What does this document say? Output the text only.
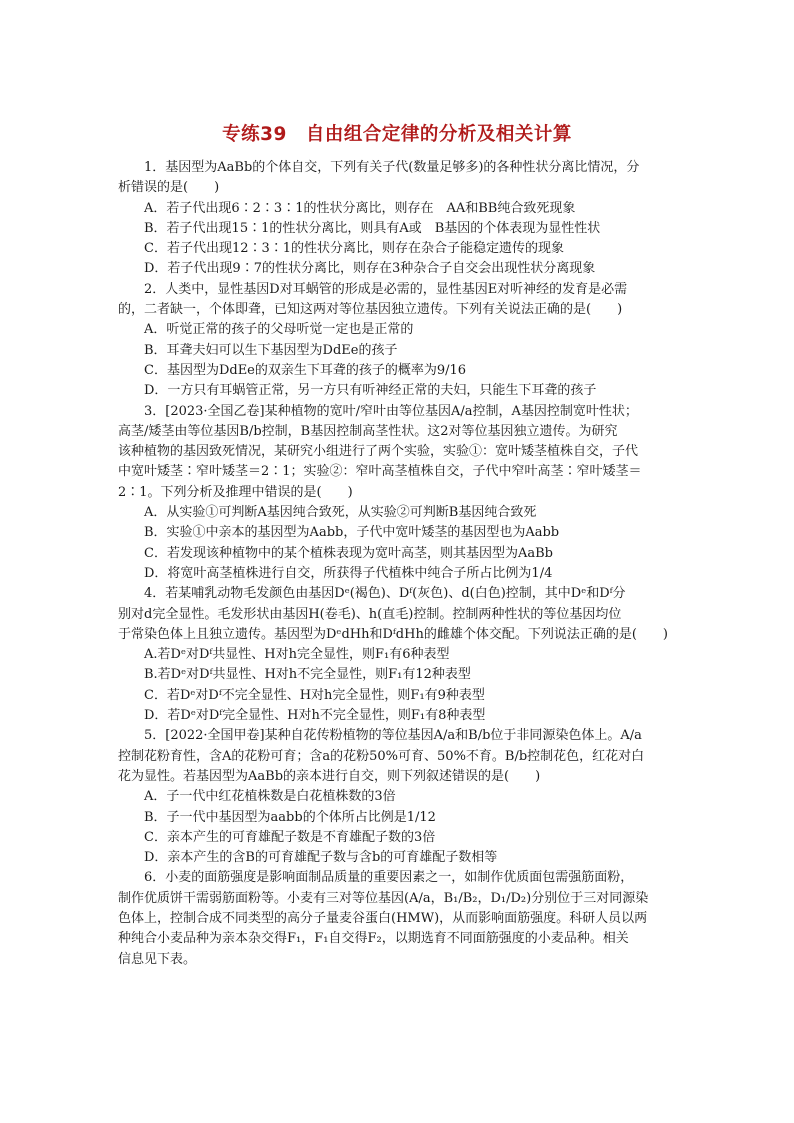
专练39　自由组合定律的分析及相关计算
1．基因型为AaBb的个体自交，下列有关子代(数量足够多)的各种性状分离比情况，分
析错误的是(　　)
A．若子代出现6∶2∶3∶1的性状分离比，则存在　AA和BB纯合致死现象
B．若子代出现15∶1的性状分离比，则具有A或　B基因的个体表现为显性性状
C．若子代出现12∶3∶1的性状分离比，则存在杂合子能稳定遗传的现象
D．若子代出现9∶7的性状分离比，则存在3种杂合子自交会出现性状分离现象
2．人类中，显性基因D对耳蜗管的形成是必需的，显性基因E对听神经的发育是必需
的，二者缺一，个体即聋，已知这两对等位基因独立遗传。下列有关说法正确的是(　　)
A．听觉正常的孩子的父母听觉一定也是正常的
B．耳聋夫妇可以生下基因型为DdEe的孩子
C．基因型为DdEe的双亲生下耳聋的孩子的概率为9/16
D．一方只有耳蜗管正常，另一方只有听神经正常的夫妇，只能生下耳聋的孩子
3．[2023·全国乙卷]某种植物的宽叶/窄叶由等位基因A/a控制，A基因控制宽叶性状；
高茎/矮茎由等位基因B/b控制，B基因控制高茎性状。这2对等位基因独立遗传。为研究
该种植物的基因致死情况，某研究小组进行了两个实验，实验①：宽叶矮茎植株自交，子代
中宽叶矮茎∶窄叶矮茎＝2∶1；实验②：窄叶高茎植株自交，子代中窄叶高茎∶窄叶矮茎＝
2∶1。下列分析及推理中错误的是(　　)
A．从实验①可判断A基因纯合致死，从实验②可判断B基因纯合致死
B．实验①中亲本的基因型为Aabb，子代中宽叶矮茎的基因型也为Aabb
C．若发现该种植物中的某个植株表现为宽叶高茎，则其基因型为AaBb
D．将宽叶高茎植株进行自交，所获得子代植株中纯合子所占比例为1/4
4．若某哺乳动物毛发颜色由基因Dᵉ(褐色)、Dᶠ(灰色)、d(白色)控制，其中Dᵉ和Dᶠ分
别对d完全显性。毛发形状由基因H(卷毛)、h(直毛)控制。控制两种性状的等位基因均位
于常染色体上且独立遗传。基因型为DᵉdHh和DᶠdHh的雌雄个体交配。下列说法正确的是(　　)
A.若Dᵉ对Dᶠ共显性、H对h完全显性，则F₁有6种表型
B.若Dᵉ对Dᶠ共显性、H对h不完全显性，则F₁有12种表型
C．若Dᵉ对Dᶠ不完全显性、H对h完全显性，则F₁有9种表型
D．若Dᵉ对Dᶠ完全显性、H对h不完全显性，则F₁有8种表型
5．[2022·全国甲卷]某种自花传粉植物的等位基因A/a和B/b位于非同源染色体上。A/a
控制花粉育性，含A的花粉可育；含a的花粉50%可育、50%不育。B/b控制花色，红花对白
花为显性。若基因型为AaBb的亲本进行自交，则下列叙述错误的是(　　)
A．子一代中红花植株数是白花植株数的3倍
B．子一代中基因型为aabb的个体所占比例是1/12
C．亲本产生的可育雄配子数是不育雄配子数的3倍
D．亲本产生的含B的可育雄配子数与含b的可育雄配子数相等
6．小麦的面筋强度是影响面制品质量的重要因素之一，如制作优质面包需强筋面粉，
制作优质饼干需弱筋面粉等。小麦有三对等位基因(A/a，B₁/B₂，D₁/D₂)分别位于三对同源染
色体上，控制合成不同类型的高分子量麦谷蛋白(HMW)，从而影响面筋强度。科研人员以两
种纯合小麦品种为亲本杂交得F₁，F₁自交得F₂，以期选育不同面筋强度的小麦品种。相关
信息见下表。
